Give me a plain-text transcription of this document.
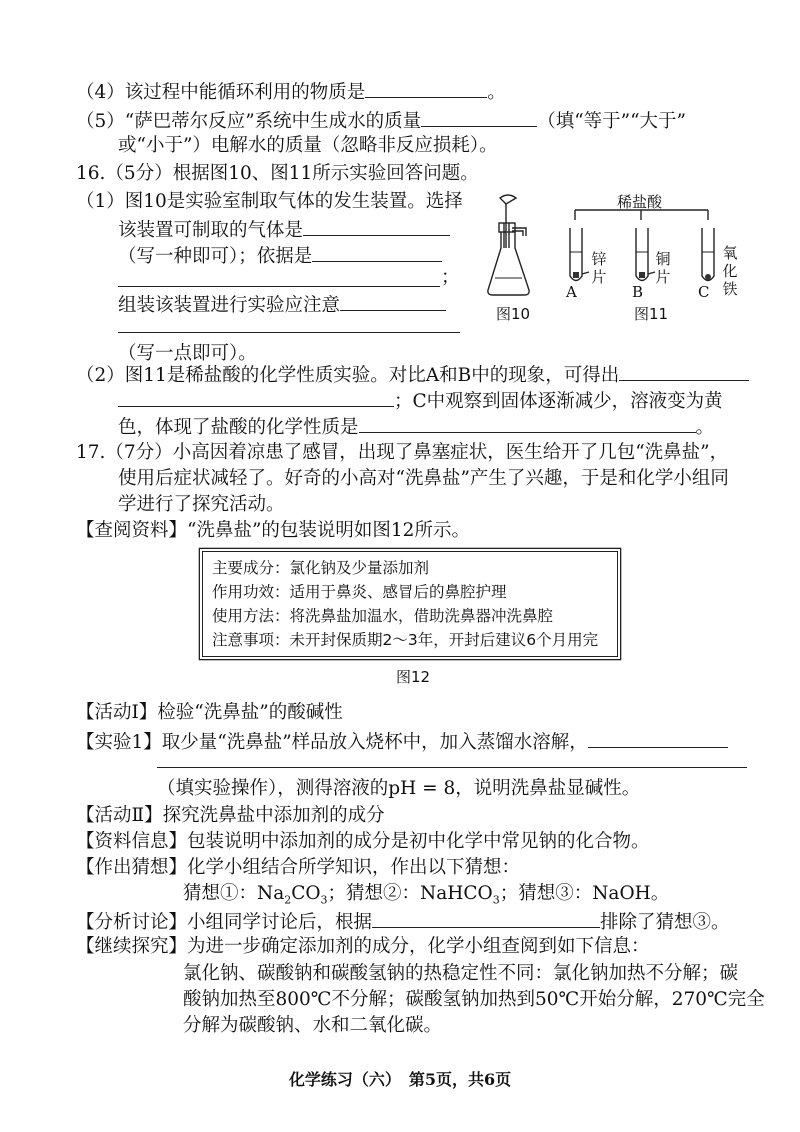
（4）该过程中能循环利用的物质是	。
（5）“萨巴蒂尔反应”系统中生成水的质量	（填“等于”“大于”
或“小于”）电解水的质量（忽略非反应损耗）。
16.（5分）根据图10、图11所示实验回答问题。
（1）图10是实验室制取气体的发生装置。选择
该装置可制取的气体是
（写一种即可）；依据是
；
组装该装置进行实验应注意
（写一点即可）。
图10
稀盐酸
锌
片
铜
片
氧
化
铁
A	B	C
图11
（2）图11是稀盐酸的化学性质实验。对比A和B中的现象，可得出
；C中观察到固体逐渐减少，溶液变为黄
色，体现了盐酸的化学性质是	。
17.（7分）小高因着凉患了感冒，出现了鼻塞症状，医生给开了几包“洗鼻盐”，
使用后症状减轻了。好奇的小高对“洗鼻盐”产生了兴趣，于是和化学小组同
学进行了探究活动。
【查阅资料】“洗鼻盐”的包装说明如图12所示。
主要成分：氯化钠及少量添加剂
作用功效：适用于鼻炎、感冒后的鼻腔护理
使用方法：将洗鼻盐加温水，借助洗鼻器冲洗鼻腔
注意事项：未开封保质期2～3年，开封后建议6个月用完
图12
【活动Ⅰ】检验“洗鼻盐”的酸碱性
【实验1】取少量“洗鼻盐”样品放入烧杯中，加入蒸馏水溶解，
（填实验操作），测得溶液的pH = 8，说明洗鼻盐显碱性。
【活动Ⅱ】探究洗鼻盐中添加剂的成分
【资料信息】包装说明中添加剂的成分是初中化学中常见钠的化合物。
【作出猜想】化学小组结合所学知识，作出以下猜想：
猜想①：$Na_2CO_3$；猜想②：NaHCO$_3$；猜想③：NaOH。
【分析讨论】小组同学讨论后，根据	排除了猜想③。
【继续探究】为进一步确定添加剂的成分，化学小组查阅到如下信息：
氯化钠、碳酸钠和碳酸氢钠的热稳定性不同：氯化钠加热不分解；碳
酸钠加热至800℃不分解；碳酸氢钠加热到50℃开始分解，270℃完全
分解为碳酸钠、水和二氧化碳。
化学练习（六）　第5页，共6页
